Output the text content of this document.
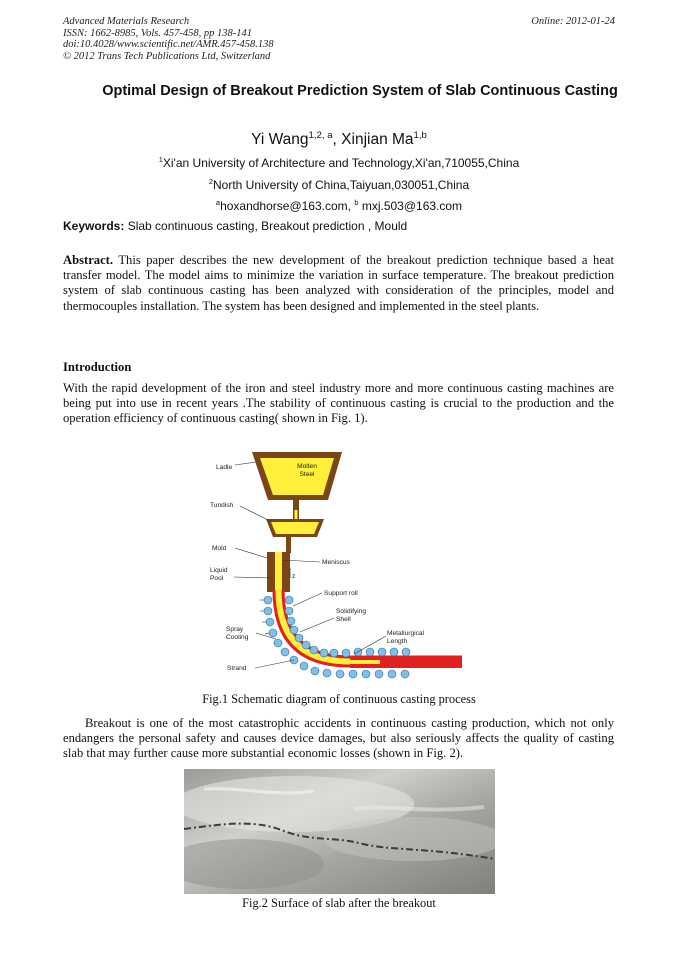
Advanced Materials Research
ISSN: 1662-8985, Vols. 457-458, pp 138-141
doi:10.4028/www.scientific.net/AMR.457-458.138
© 2012 Trans Tech Publications Ltd, Switzerland
Online: 2012-01-24
Optimal Design of Breakout Prediction System of Slab Continuous Casting
Yi Wang$^{1,2, a}$, Xinjian Ma$^{1,b}$
$^1$Xi'an University of Architecture and Technology,Xi'an,710055,China
$^2$North University of China,Taiyuan,030051,China
$^a$hoxandhorse@163.com, $^b$ mxj.503@163.com
Keywords: Slab continuous casting, Breakout prediction , Mould
Abstract. This paper describes the new development of the breakout prediction technique based a heat transfer model. The model aims to minimize the variation in surface temperature. The breakout prediction system of slab continuous casting has been analyzed with consideration of the principles, model and thermocouples installation. The system has been designed and implemented in the steel plants.
Introduction
With the rapid development of the iron and steel industry more and more continuous casting machines are being put into use in recent years .The stability of continuous casting is crucial to the production and the operation efficiency of continuous casting( shown in Fig. 1).
Ladle	Molten
Steel
Tundish
Mold
Liquid
Pool
Meniscus
z
Support roll
Solidifying
Shell
Spray
Cooling
Metallurgical
Length
Strand
Fig.1 Schematic diagram of continuous casting process
Breakout is one of the most catastrophic accidents in continuous casting production, which not only endangers the personal safety and causes device damages, but also seriously affects the quality of casting slab that may further cause more substantial economic losses (shown in Fig. 2).
Fig.2 Surface of slab after the breakout
